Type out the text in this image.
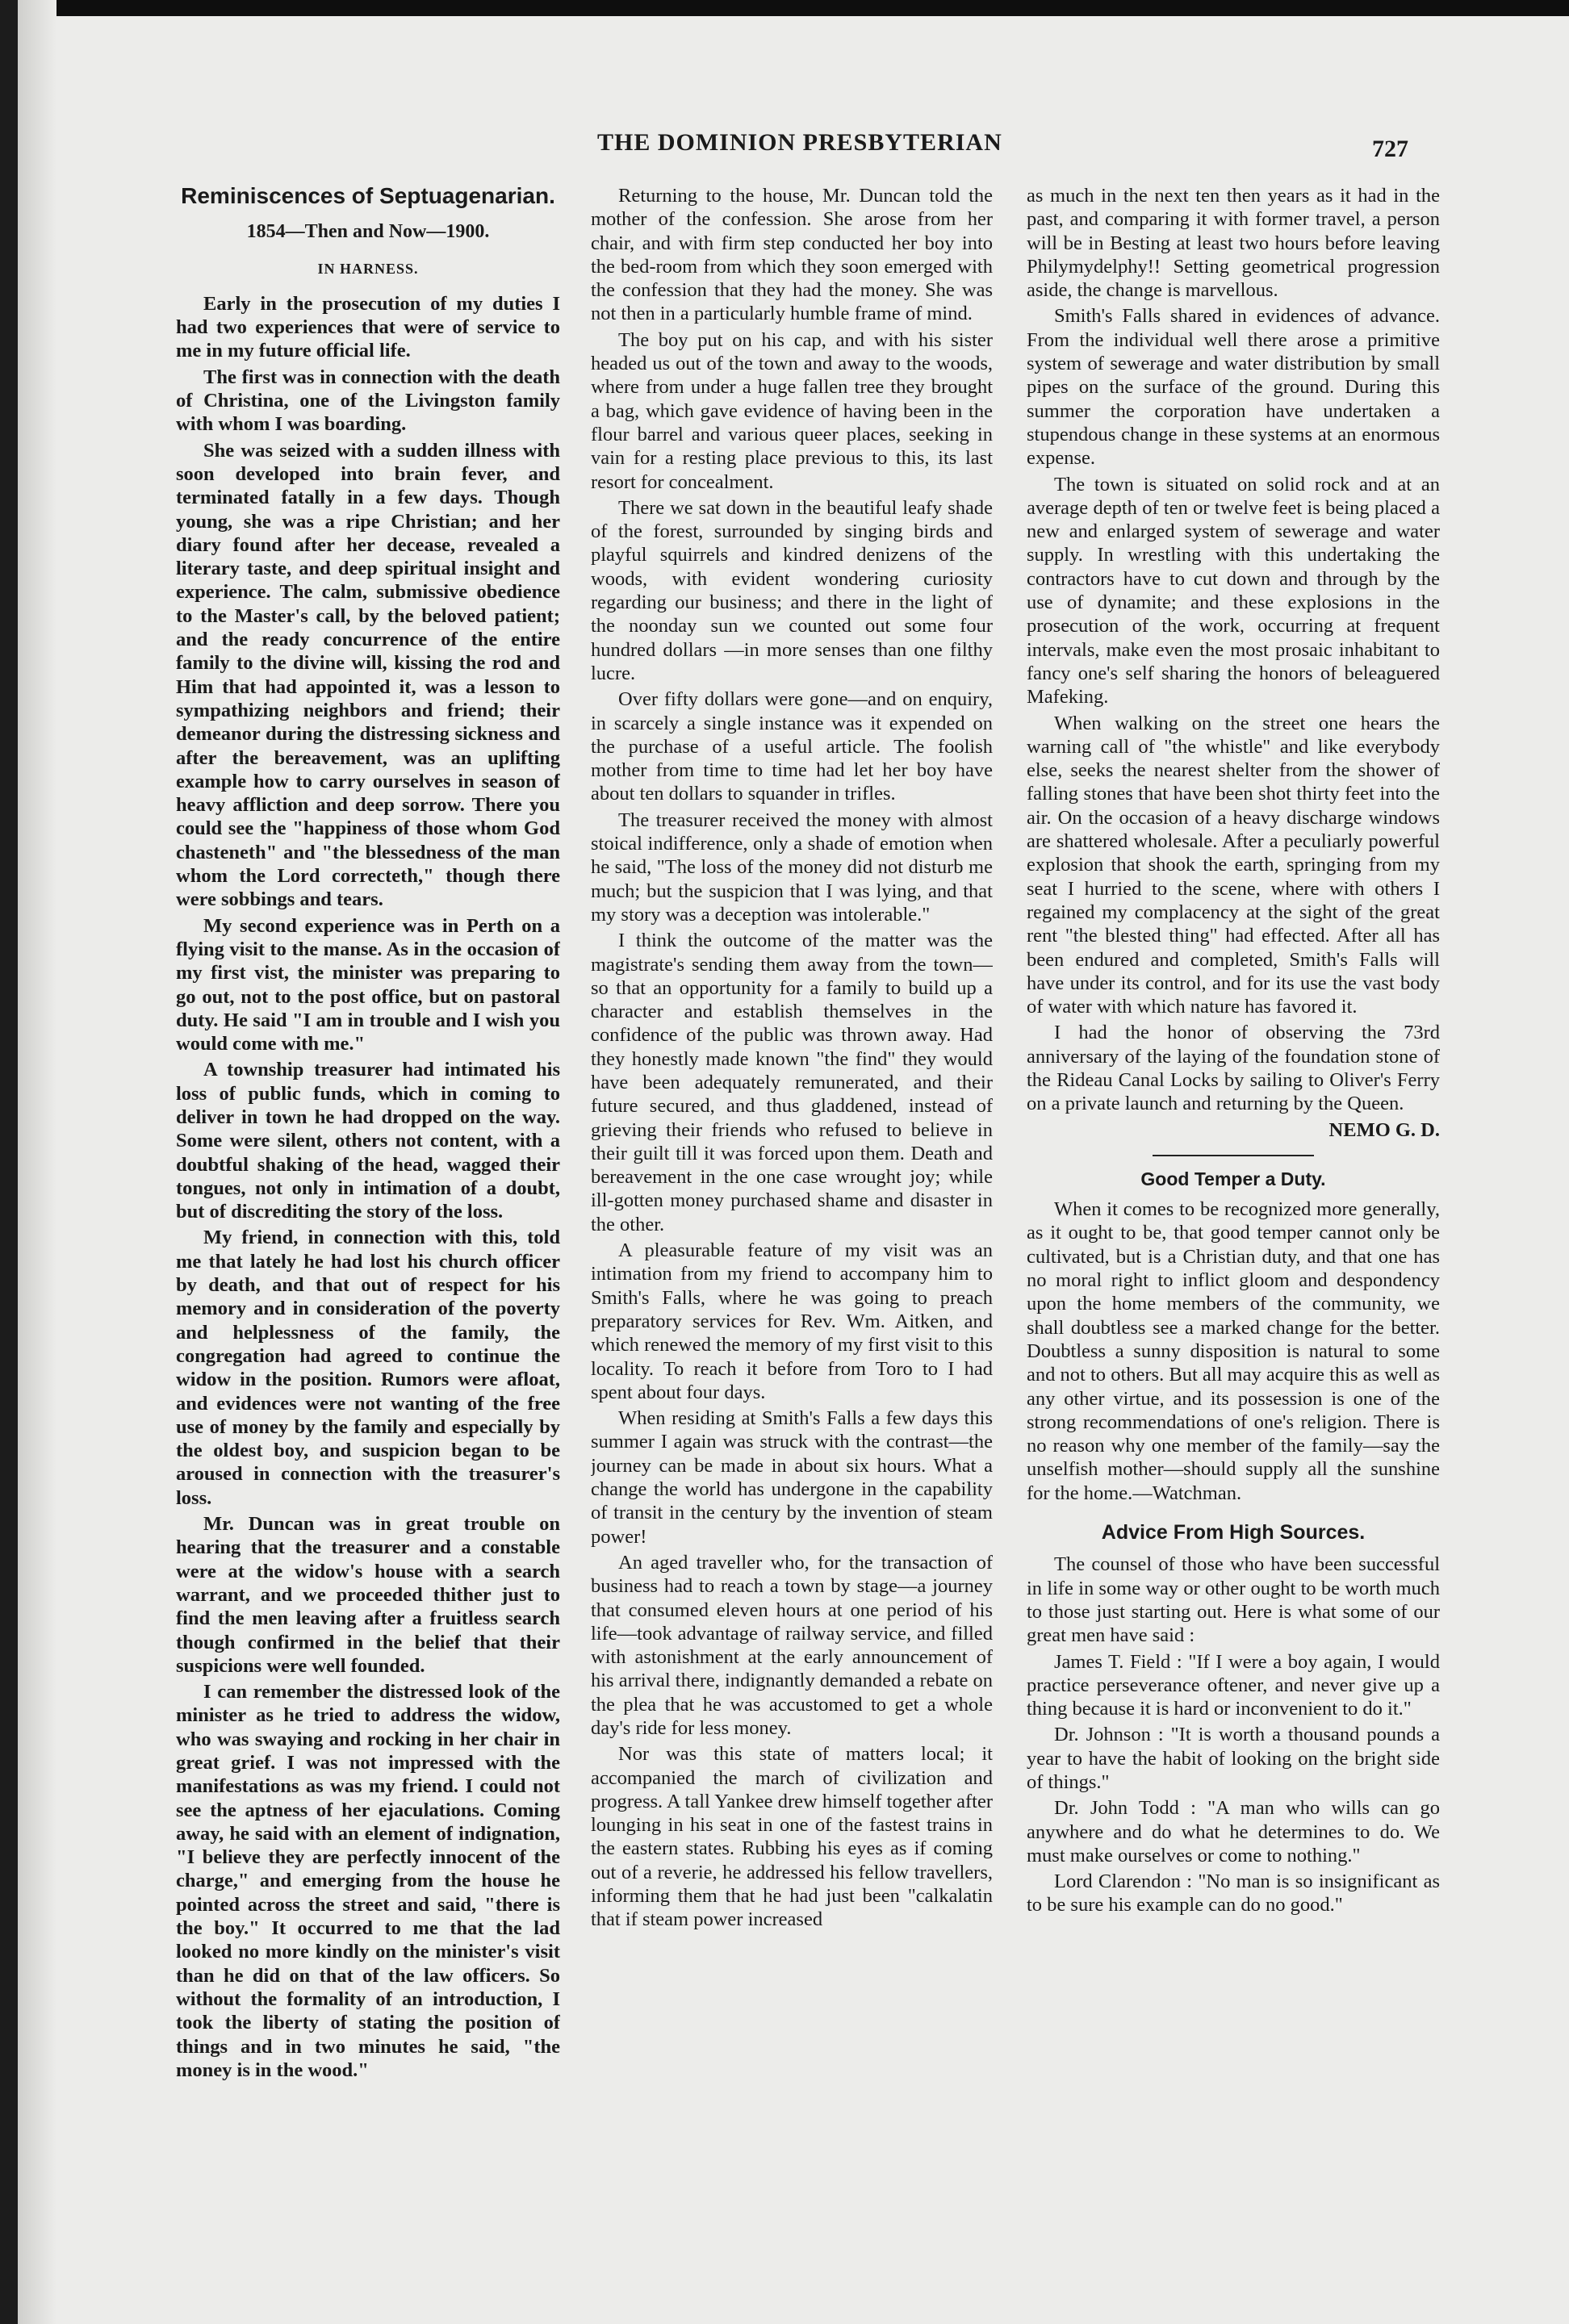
THE DOMINION PRESBYTERIAN	727
Reminiscences of Septuagenarian.
1854—Then and Now—1900.
IN HARNESS.

Early in the prosecution of my duties I had two experiences that were of service to me in my future official life.

The first was in connection with the death of Christina, one of the Livingston family with whom I was boarding.

She was seized with a sudden illness with soon developed into brain fever, and terminated fatally in a few days. Though young, she was a ripe Christian; and her diary found after her decease, revealed a literary taste, and deep spiritual insight and experience. The calm, submissive obedience to the Master's call, by the beloved patient; and the ready concurrence of the entire family to the divine will, kissing the rod and Him that had appointed it, was a lesson to sympathizing neighbors and friend; their demeanor during the distressing sickness and after the bereavement, was an uplifting example how to carry ourselves in season of heavy affliction and deep sorrow. There you could see the "happiness of those whom God chasteneth" and "the blessedness of the man whom the Lord correcteth," though there were sobbings and tears.

My second experience was in Perth on a flying visit to the manse. As in the occasion of my first vist, the minister was preparing to go out, not to the post office, but on pastoral duty. He said "I am in trouble and I wish you would come with me."

A township treasurer had intimated his loss of public funds, which in coming to deliver in town he had dropped on the way. Some were silent, others not content, with a doubtful shaking of the head, wagged their tongues, not only in intimation of a doubt, but of discrediting the story of the loss.

My friend, in connection with this, told me that lately he had lost his church officer by death, and that out of respect for his memory and in consideration of the poverty and helplessness of the family, the congregation had agreed to continue the widow in the position. Rumors were afloat, and evidences were not wanting of the free use of money by the family and especially by the oldest boy, and suspicion began to be aroused in connection with the treasurer's loss.

Mr. Duncan was in great trouble on hearing that the treasurer and a constable were at the widow's house with a search warrant, and we proceeded thither just to find the men leaving after a fruitless search though confirmed in the belief that their suspicions were well founded.

I can remember the distressed look of the minister as he tried to address the widow, who was swaying and rocking in her chair in great grief. I was not impressed with the manifestations as was my friend. I could not see the aptness of her ejaculations. Coming away, he said with an element of indignation, "I believe they are perfectly innocent of the charge," and emerging from the house he pointed across the street and said, "there is the boy." It occurred to me that the lad looked no more kindly on the minister's visit than he did on that of the law officers. So without the formality of an introduction, I took the liberty of stating the position of things and in two minutes he said, "the money is in the wood."

Returning to the house, Mr. Duncan told the mother of the confession. She arose from her chair, and with firm step conducted her boy into the bed-room from which they soon emerged with the confession that they had the money. She was not then in a particularly humble frame of mind.

The boy put on his cap, and with his sister headed us out of the town and away to the woods, where from under a huge fallen tree they brought a bag, which gave evidence of having been in the flour barrel and various queer places, seeking in vain for a resting place previous to this, its last resort for concealment.

There we sat down in the beautiful leafy shade of the forest, surrounded by singing birds and playful squirrels and kindred denizens of the woods, with evident wondering curiosity regarding our business; and there in the light of the noonday sun we counted out some four hundred dollars —in more senses than one filthy lucre.

Over fifty dollars were gone—and on enquiry, in scarcely a single instance was it expended on the purchase of a useful article. The foolish mother from time to time had let her boy have about ten dollars to squander in trifles.

The treasurer received the money with almost stoical indifference, only a shade of emotion when he said, "The loss of the money did not disturb me much; but the suspicion that I was lying, and that my story was a deception was intolerable."

I think the outcome of the matter was the magistrate's sending them away from the town—so that an opportunity for a family to build up a character and establish themselves in the confidence of the public was thrown away. Had they honestly made known "the find" they would have been adequately remunerated, and their future secured, and thus gladdened, instead of grieving their friends who refused to believe in their guilt till it was forced upon them. Death and bereavement in the one case wrought joy; while ill-gotten money purchased shame and disaster in the other.

A pleasurable feature of my visit was an intimation from my friend to accompany him to Smith's Falls, where he was going to preach preparatory services for Rev. Wm. Aitken, and which renewed the memory of my first visit to this locality. To reach it before from Toro to I had spent about four days.

When residing at Smith's Falls a few days this summer I again was struck with the contrast—the journey can be made in about six hours. What a change the world has undergone in the capability of transit in the century by the invention of steam power!

An aged traveller who, for the transaction of business had to reach a town by stage—a journey that consumed eleven hours at one period of his life—took advantage of railway service, and filled with astonishment at the early announcement of his arrival there, indignantly demanded a rebate on the plea that he was accustomed to get a whole day's ride for less money.

Nor was this state of matters local; it accompanied the march of civilization and progress. A tall Yankee drew himself together after lounging in his seat in one of the fastest trains in the eastern states. Rubbing his eyes as if coming out of a reverie, he addressed his fellow travellers, informing them that he had just been "calkalatin that if steam power increased

as much in the next ten then years as it had in the past, and comparing it with former travel, a person will be in Besting at least two hours before leaving Philymydelphy!! Setting geometrical progression aside, the change is marvellous.

Smith's Falls shared in evidences of advance. From the individual well there arose a primitive system of sewerage and water distribution by small pipes on the surface of the ground. During this summer the corporation have undertaken a stupendous change in these systems at an enormous expense.

The town is situated on solid rock and at an average depth of ten or twelve feet is being placed a new and enlarged system of sewerage and water supply. In wrestling with this undertaking the contractors have to cut down and through by the use of dynamite; and these explosions in the prosecution of the work, occurring at frequent intervals, make even the most prosaic inhabitant to fancy one's self sharing the honors of beleaguered Mafeking.

When walking on the street one hears the warning call of "the whistle" and like everybody else, seeks the nearest shelter from the shower of falling stones that have been shot thirty feet into the air. On the occasion of a heavy discharge windows are shattered wholesale. After a peculiarly powerful explosion that shook the earth, springing from my seat I hurried to the scene, where with others I regained my complacency at the sight of the great rent "the blested thing" had effected. After all has been endured and completed, Smith's Falls will have under its control, and for its use the vast body of water with which nature has favored it.

I had the honor of observing the 73rd anniversary of the laying of the foundation stone of the Rideau Canal Locks by sailing to Oliver's Ferry on a private launch and returning by the Queen.

NEMO G. D.
Good Temper a Duty.

When it comes to be recognized more generally, as it ought to be, that good temper cannot only be cultivated, but is a Christian duty, and that one has no moral right to inflict gloom and despondency upon the home members of the community, we shall doubtless see a marked change for the better. Doubtless a sunny disposition is natural to some and not to others. But all may acquire this as well as any other virtue, and its possession is one of the strong recommendations of one's religion. There is no reason why one member of the family—say the unselfish mother—should supply all the sunshine for the home.—Watchman.

Advice From High Sources.

The counsel of those who have been successful in life in some way or other ought to be worth much to those just starting out. Here is what some of our great men have said :

James T. Field : "If I were a boy again, I would practice perseverance oftener, and never give up a thing because it is hard or inconvenient to do it."

Dr. Johnson : "It is worth a thousand pounds a year to have the habit of looking on the bright side of things."

Dr. John Todd : "A man who wills can go anywhere and do what he determines to do. We must make ourselves or come to nothing."

Lord Clarendon : "No man is so insignificant as to be sure his example can do no good."
